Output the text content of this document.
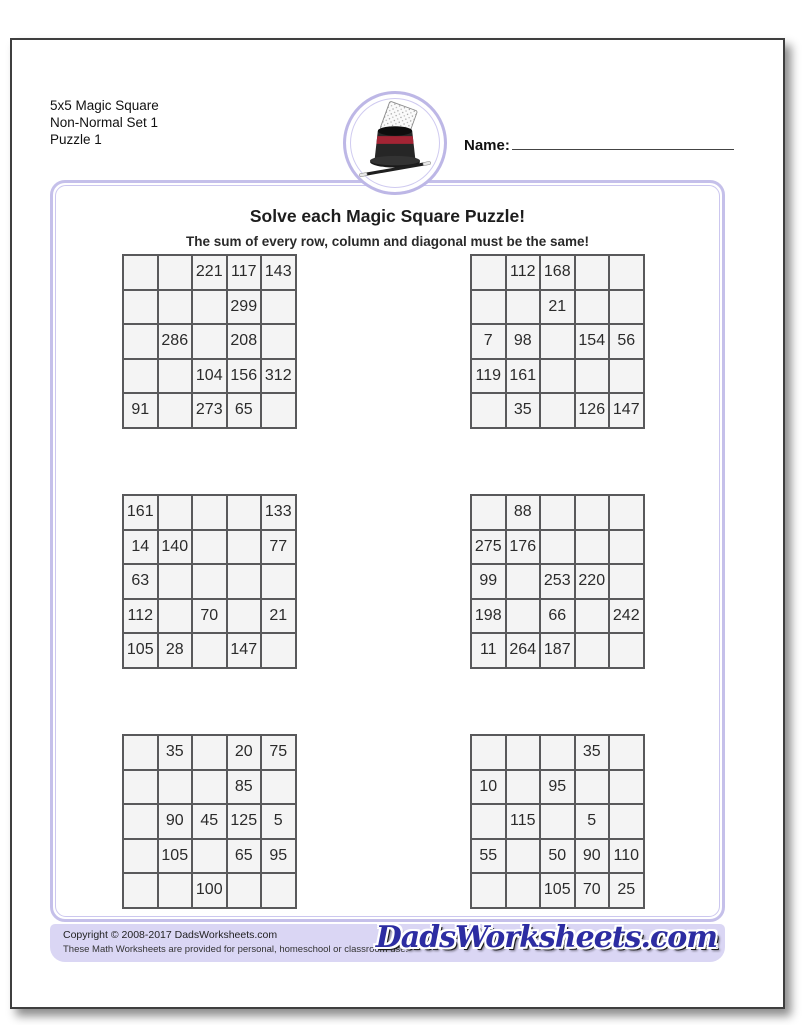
5x5 Magic Square
Non-Normal Set 1
Puzzle 1	Name:
Solve each Magic Square Puzzle!
The sum of every row, column and diagonal must be the same!
		221	117	143
			299	
	286		208	
		104	156	312
91		273	65	
	112	168		
		21		
7	98		154	56
119	161			
	35		126	147
161				133
14	140			77
63				
112		70		21
105	28		147	
	88			
275	176			
99		253	220	
198		66		242
11	264	187		
	35		20	75
			85	
	90	45	125	5
	105		65	95
		100		
			35	
10		95		
	115		5	
55		50	90	110
		105	70	25
Copyright © 2008-2017 DadsWorksheets.com
These Math Worksheets are provided for personal, homeschool or classroom use.
DadsWorksheets.com
